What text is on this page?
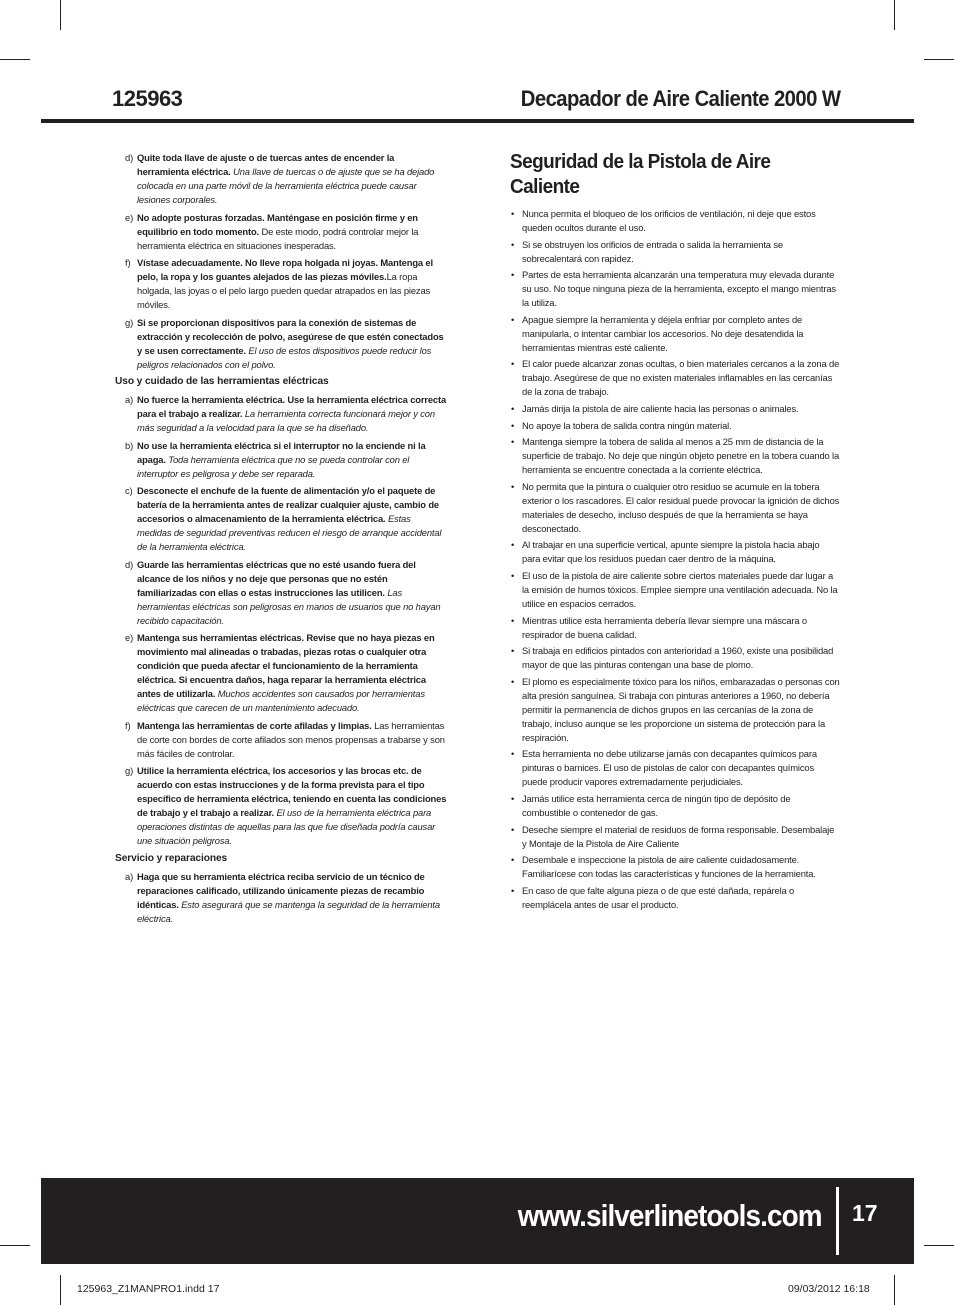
125963	Decapador de Aire Caliente 2000 W
d) Quite toda llave de ajuste o de tuercas antes de encender la herramienta eléctrica. Una llave de tuercas o de ajuste que se ha dejado colocada en una parte móvil de la herramienta eléctrica puede causar lesiones corporales.
e) No adopte posturas forzadas. Manténgase en posición firme y en equilibrio en todo momento. De este modo, podrá controlar mejor la herramienta eléctrica en situaciones inesperadas.
f) Vístase adecuadamente. No lleve ropa holgada ni joyas. Mantenga el pelo, la ropa y los guantes alejados de las piezas móviles.La ropa holgada, las joyas o el pelo largo pueden quedar atrapados en las piezas móviles.
g) Si se proporcionan dispositivos para la conexión de sistemas de extracción y recolección de polvo, asegúrese de que estén conectados y se usen correctamente. El uso de estos dispositivos puede reducir los peligros relacionados con el polvo.
Uso y cuidado de las herramientas eléctricas
a) No fuerce la herramienta eléctrica. Use la herramienta eléctrica correcta para el trabajo a realizar. La herramienta correcta funcionará mejor y con más seguridad a la velocidad para la que se ha diseñado.
b) No use la herramienta eléctrica si el interruptor no la enciende ni la apaga. Toda herramienta eléctrica que no se pueda controlar con el interruptor es peligrosa y debe ser reparada.
c) Desconecte el enchufe de la fuente de alimentación y/o el paquete de batería de la herramienta antes de realizar cualquier ajuste, cambio de accesorios o almacenamiento de la herramienta eléctrica. Estas medidas de seguridad preventivas reducen el riesgo de arranque accidental de la herramienta eléctrica.
d) Guarde las herramientas eléctricas que no esté usando fuera del alcance de los niños y no deje que personas que no estén familiarizadas con ellas o estas instrucciones las utilicen. Las herramientas eléctricas son peligrosas en manos de usuarios que no hayan recibido capacitación.
e) Mantenga sus herramientas eléctricas. Revise que no haya piezas en movimiento mal alineadas o trabadas, piezas rotas o cualquier otra condición que pueda afectar el funcionamiento de la herramienta eléctrica. Si encuentra daños, haga reparar la herramienta eléctrica antes de utilizarla. Muchos accidentes son causados por herramientas eléctricas que carecen de un mantenimiento adecuado.
f) Mantenga las herramientas de corte afiladas y limpias. Las herramientas de corte con bordes de corte afilados son menos propensas a trabarse y son más fáciles de controlar.
g) Utilice la herramienta eléctrica, los accesorios y las brocas etc. de acuerdo con estas instrucciones y de la forma prevista para el tipo específico de herramienta eléctrica, teniendo en cuenta las condiciones de trabajo y el trabajo a realizar. El uso de la herramienta eléctrica para operaciones distintas de aquellas para las que fue diseñada podría causar une situación peligrosa.
Servicio y reparaciones
a) Haga que su herramienta eléctrica reciba servicio de un técnico de reparaciones calificado, utilizando únicamente piezas de recambio idénticas. Esto asegurará que se mantenga la seguridad de la herramienta eléctrica.
Seguridad de la Pistola de Aire Caliente
• Nunca permita el bloqueo de los orificios de ventilación, ni deje que estos queden ocultos durante el uso.
• Si se obstruyen los orificios de entrada o salida la herramienta se sobrecalentará con rapidez.
• Partes de esta herramienta alcanzarán una temperatura muy elevada durante su uso. No toque ninguna pieza de la herramienta, excepto el mango mientras la utiliza.
• Apague siempre la herramienta y déjela enfriar por completo antes de manipularla, o intentar cambiar los accesorios. No deje desatendida la herramientas mientras esté caliente.
• El calor puede alcanzar zonas ocultas, o bien materiales cercanos a la zona de trabajo. Asegúrese de que no existen materiales inflamables en las cercanías de la zona de trabajo.
• Jamás dirija la pistola de aire caliente hacia las personas o animales.
• No apoye la tobera de salida contra ningún material.
• Mantenga siempre la tobera de salida al menos a 25 mm de distancia de la superficie de trabajo. No deje que ningún objeto penetre en la tobera cuando la herramienta se encuentre conectada a la corriente eléctrica.
• No permita que la pintura o cualquier otro residuo se acumule en la tobera exterior o los rascadores. El calor residual puede provocar la ignición de dichos materiales de desecho, incluso después de que la herramienta se haya desconectado.
• Al trabajar en una superficie vertical, apunte siempre la pistola hacia abajo para evitar que los residuos puedan caer dentro de la máquina.
• El uso de la pistola de aire caliente sobre ciertos materiales puede dar lugar a la emisión de humos tóxicos. Emplee siempre una ventilación adecuada. No la utilice en espacios cerrados.
• Mientras utilice esta herramienta debería llevar siempre una máscara o respirador de buena calidad.
• Si trabaja en edificios pintados con anterioridad a 1960, existe una posibilidad mayor de que las pinturas contengan una base de plomo.
• El plomo es especialmente tóxico para los niños, embarazadas o personas con alta presión sanguínea. Si trabaja con pinturas anteriores a 1960, no debería permitir la permanencia de dichos grupos en las cercanías de la zona de trabajo, incluso aunque se les proporcione un sistema de protección para la respiración.
• Esta herramienta no debe utilizarse jamás con decapantes químicos para pinturas o barnices. El uso de pistolas de calor con decapantes químicos puede producir vapores extremadamente perjudiciales.
• Jamás utilice esta herramienta cerca de ningún tipo de depósito de combustible o contenedor de gas.
• Deseche siempre el material de residuos de forma responsable. Desembalaje y Montaje de la Pistola de Aire Caliente
• Desembale e inspeccione la pistola de aire caliente cuidadosamente. Familiarícese con todas las características y funciones de la herramienta.
• En caso de que falte alguna pieza o de que esté dañada, repárela o reemplácela antes de usar el producto.
www.silverlinetools.com 17
125963_Z1MANPRO1.indd 17	09/03/2012 16:18
